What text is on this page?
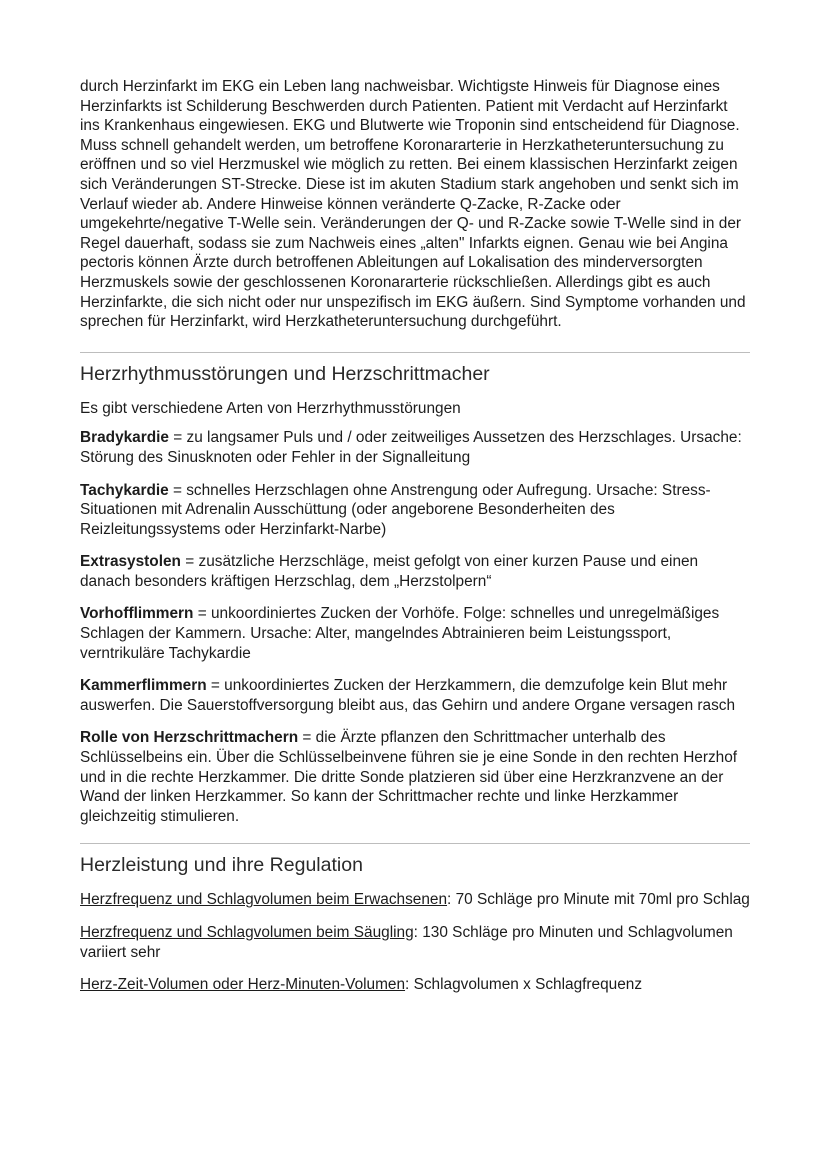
durch Herzinfarkt im EKG ein Leben lang nachweisbar. Wichtigste Hinweis für Diagnose eines Herzinfarkts ist Schilderung Beschwerden durch Patienten. Patient mit Verdacht auf Herzinfarkt ins Krankenhaus eingewiesen. EKG und Blutwerte wie Troponin sind entscheidend für Diagnose. Muss schnell gehandelt werden, um betroffene Koronararterie in Herzkatheteruntersuchung zu eröffnen und so viel Herzmuskel wie möglich zu retten. Bei einem klassischen Herzinfarkt zeigen sich Veränderungen ST-Strecke. Diese ist im akuten Stadium stark angehoben und senkt sich im Verlauf wieder ab. Andere Hinweise können veränderte Q-Zacke, R-Zacke oder umgekehrte/negative T-Welle sein. Veränderungen der Q- und R-Zacke sowie T-Welle sind in der Regel dauerhaft, sodass sie zum Nachweis eines „alten" Infarkts eignen. Genau wie bei Angina pectoris können Ärzte durch betroffenen Ableitungen auf Lokalisation des minderversorgten Herzmuskels sowie der geschlossenen Koronararterie rückschließen. Allerdings gibt es auch Herzinfarkte, die sich nicht oder nur unspezifisch im EKG äußern. Sind Symptome vorhanden und sprechen für Herzinfarkt, wird Herzkatheteruntersuchung durchgeführt.

Herzrhythmusstörungen und Herzschrittmacher

Es gibt verschiedene Arten von Herzrhythmusstörungen

Bradykardie = zu langsamer Puls und / oder zeitweiliges Aussetzen des Herzschlages. Ursache: Störung des Sinusknoten oder Fehler in der Signalleitung

Tachykardie = schnelles Herzschlagen ohne Anstrengung oder Aufregung. Ursache: Stress-Situationen mit Adrenalin Ausschüttung (oder angeborene Besonderheiten des Reizleitungssystems oder Herzinfarkt-Narbe)

Extrasystolen = zusätzliche Herzschläge, meist gefolgt von einer kurzen Pause und einen danach besonders kräftigen Herzschlag, dem „Herzstolpern“

Vorhofflimmern = unkoordiniertes Zucken der Vorhöfe. Folge: schnelles und unregelmäßiges Schlagen der Kammern. Ursache: Alter, mangelndes Abtrainieren beim Leistungssport, verntrikuläre Tachykardie

Kammerflimmern = unkoordiniertes Zucken der Herzkammern, die demzufolge kein Blut mehr auswerfen. Die Sauerstoffversorgung bleibt aus, das Gehirn und andere Organe versagen rasch

Rolle von Herzschrittmachern = die Ärzte pflanzen den Schrittmacher unterhalb des Schlüsselbeins ein. Über die Schlüsselbeinvene führen sie je eine Sonde in den rechten Herzhof und in die rechte Herzkammer. Die dritte Sonde platzieren sid über eine Herzkranzvene an der Wand der linken Herzkammer. So kann der Schrittmacher rechte und linke Herzkammer gleichzeitig stimulieren.

Herzleistung und ihre Regulation

Herzfrequenz und Schlagvolumen beim Erwachsenen: 70 Schläge pro Minute mit 70ml pro Schlag

Herzfrequenz und Schlagvolumen beim Säugling: 130 Schläge pro Minuten und Schlagvolumen variiert sehr

Herz-Zeit-Volumen oder Herz-Minuten-Volumen: Schlagvolumen x Schlagfrequenz
